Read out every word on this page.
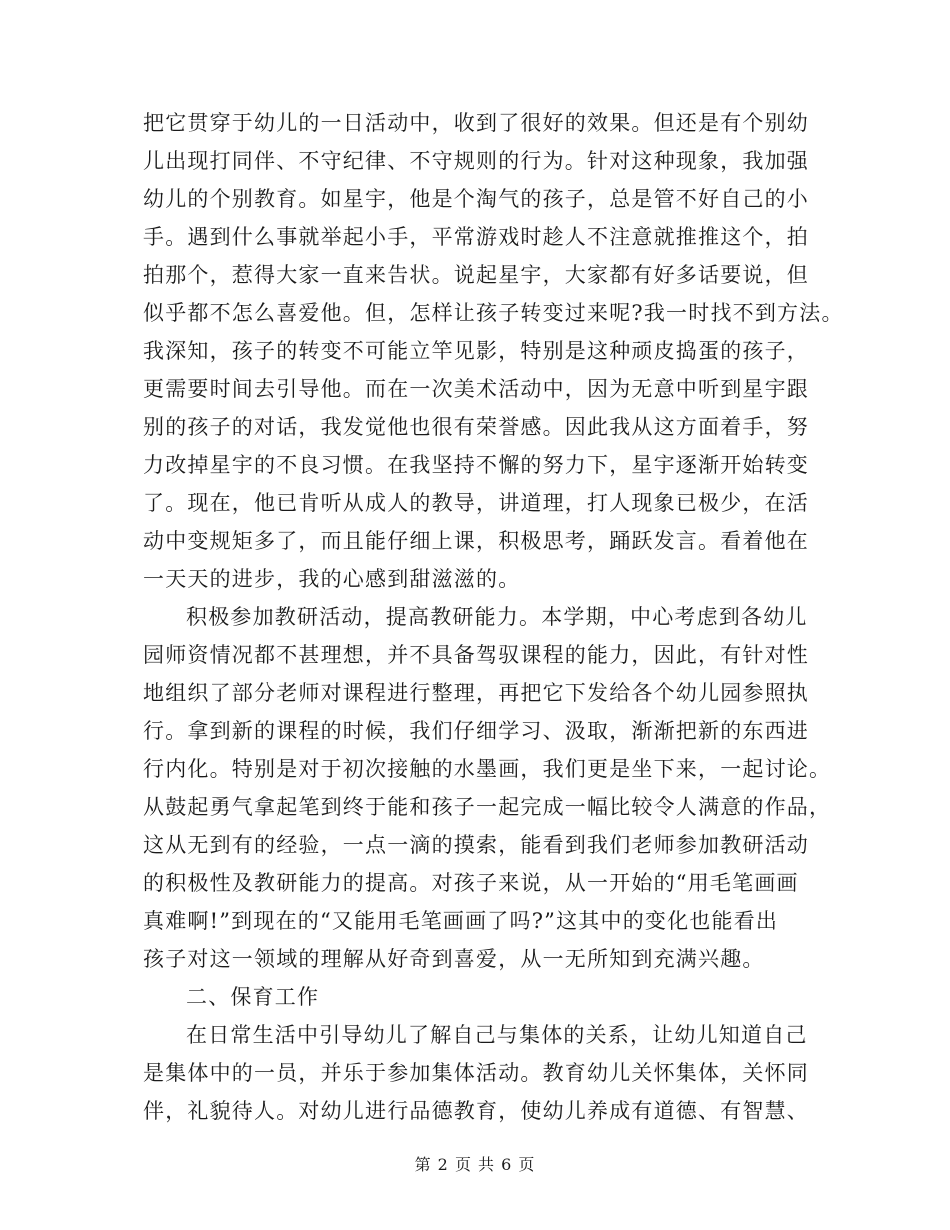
把它贯穿于幼儿的一日活动中，收到了很好的效果。但还是有个别幼
儿出现打同伴、不守纪律、不守规则的行为。针对这种现象，我加强
幼儿的个别教育。如星宇，他是个淘气的孩子，总是管不好自己的小
手。遇到什么事就举起小手，平常游戏时趁人不注意就推推这个，拍
拍那个，惹得大家一直来告状。说起星宇，大家都有好多话要说，但
似乎都不怎么喜爱他。但，怎样让孩子转变过来呢?我一时找不到方法。
我深知，孩子的转变不可能立竿见影，特别是这种顽皮捣蛋的孩子，
更需要时间去引导他。而在一次美术活动中，因为无意中听到星宇跟
别的孩子的对话，我发觉他也很有荣誉感。因此我从这方面着手，努
力改掉星宇的不良习惯。在我坚持不懈的努力下，星宇逐渐开始转变
了。现在，他已肯听从成人的教导，讲道理，打人现象已极少，在活
动中变规矩多了，而且能仔细上课，积极思考，踊跃发言。看着他在
一天天的进步，我的心感到甜滋滋的。
积极参加教研活动，提高教研能力。本学期，中心考虑到各幼儿
园师资情况都不甚理想，并不具备驾驭课程的能力，因此，有针对性
地组织了部分老师对课程进行整理，再把它下发给各个幼儿园参照执
行。拿到新的课程的时候，我们仔细学习、汲取，渐渐把新的东西进
行内化。特别是对于初次接触的水墨画，我们更是坐下来，一起讨论。
从鼓起勇气拿起笔到终于能和孩子一起完成一幅比较令人满意的作品，
这从无到有的经验，一点一滴的摸索，能看到我们老师参加教研活动
的积极性及教研能力的提高。对孩子来说，从一开始的“用毛笔画画
真难啊!”到现在的“又能用毛笔画画了吗?”这其中的变化也能看出
孩子对这一领域的理解从好奇到喜爱，从一无所知到充满兴趣。
二、保育工作
在日常生活中引导幼儿了解自己与集体的关系，让幼儿知道自己
是集体中的一员，并乐于参加集体活动。教育幼儿关怀集体，关怀同
伴，礼貌待人。对幼儿进行品德教育，使幼儿养成有道德、有智慧、
第 2 页 共 6 页
